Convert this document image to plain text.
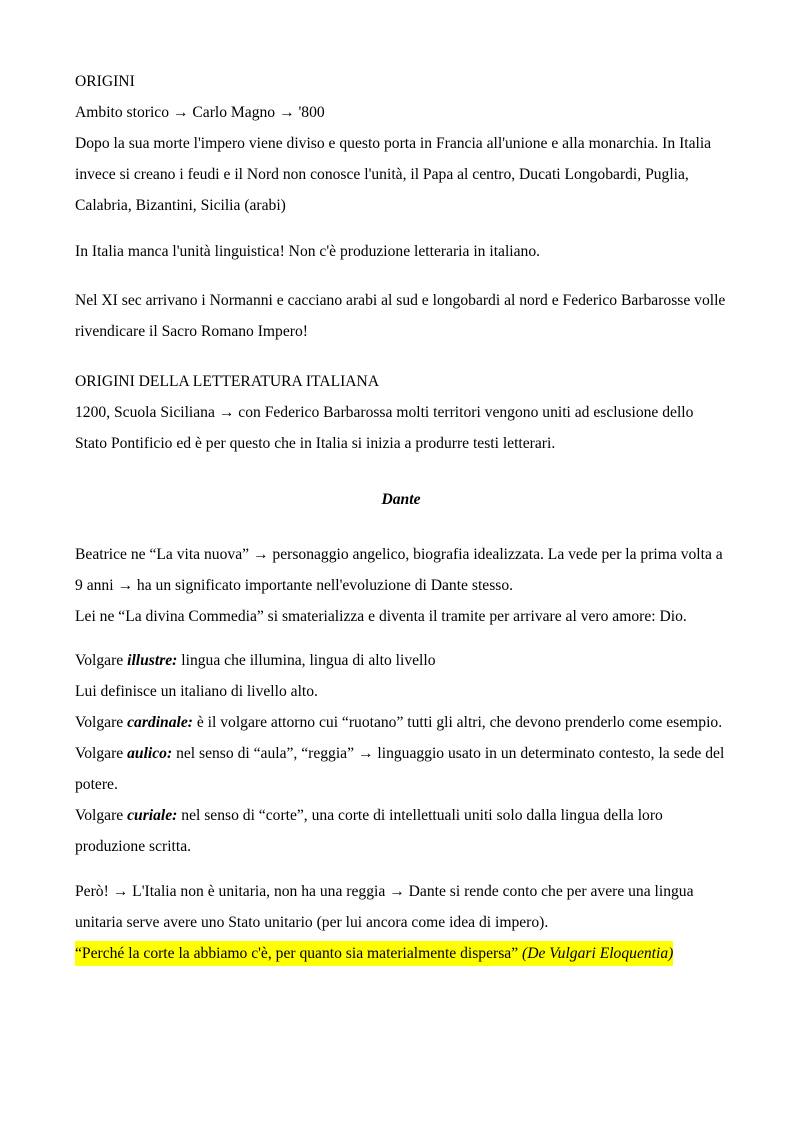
ORIGINI

Ambito storico → Carlo Magno → '800

Dopo la sua morte l'impero viene diviso e questo porta in Francia all'unione e alla monarchia. In Italia invece si creano i feudi e il Nord non conosce l'unità, il Papa al centro, Ducati Longobardi, Puglia, Calabria, Bizantini, Sicilia (arabi)

In Italia manca l'unità linguistica! Non c'è produzione letteraria in italiano.

Nel XI sec arrivano i Normanni e cacciano arabi al sud e longobardi al nord e Federico Barbarosse volle rivendicare il Sacro Romano Impero!

ORIGINI DELLA LETTERATURA ITALIANA

1200, Scuola Siciliana → con Federico Barbarossa molti territori vengono uniti ad esclusione dello Stato Pontificio ed è per questo che in Italia si inizia a produrre testi letterari.

Dante

Beatrice ne “La vita nuova” → personaggio angelico, biografia idealizzata. La vede per la prima volta a 9 anni → ha un significato importante nell'evoluzione di Dante stesso.

Lei ne “La divina Commedia” si smaterializza e diventa il tramite per arrivare al vero amore: Dio.

Volgare illustre: lingua che illumina, lingua di alto livello

Lui definisce un italiano di livello alto.

Volgare cardinale: è il volgare attorno cui “ruotano” tutti gli altri, che devono prenderlo come esempio.

Volgare aulico: nel senso di “aula”, “reggia” → linguaggio usato in un determinato contesto, la sede del potere.

Volgare curiale: nel senso di “corte”, una corte di intellettuali uniti solo dalla lingua della loro produzione scritta.

Però! → L'Italia non è unitaria, non ha una reggia → Dante si rende conto che per avere una lingua unitaria serve avere uno Stato unitario (per lui ancora come idea di impero).

“Perché la corte la abbiamo c'è, per quanto sia materialmente dispersa” (De Vulgari Eloquentia)
